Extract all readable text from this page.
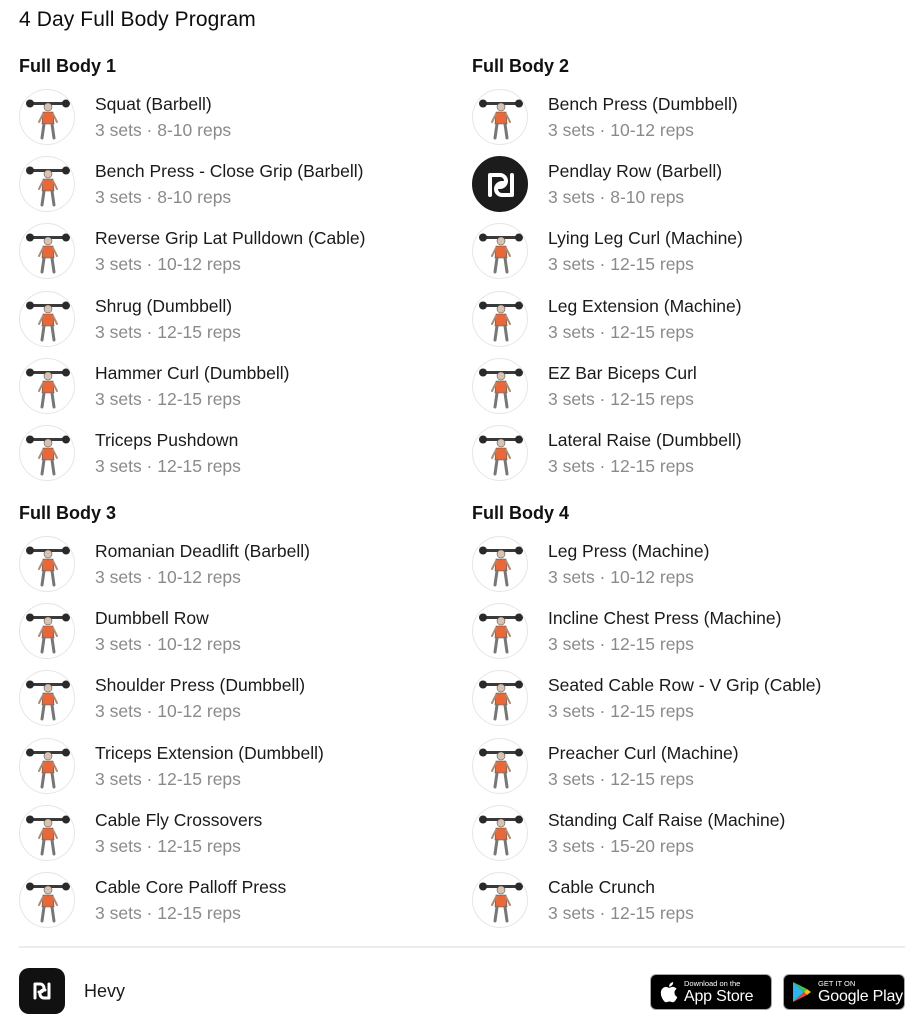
4 Day Full Body Program
Full Body 1
Squat (Barbell)
3 sets · 8-10 reps
Bench Press - Close Grip (Barbell)
3 sets · 8-10 reps
Reverse Grip Lat Pulldown (Cable)
3 sets · 10-12 reps
Shrug (Dumbbell)
3 sets · 12-15 reps
Hammer Curl (Dumbbell)
3 sets · 12-15 reps
Triceps Pushdown
3 sets · 12-15 reps
Full Body 2
Bench Press (Dumbbell)
3 sets · 10-12 reps
Pendlay Row (Barbell)
3 sets · 8-10 reps
Lying Leg Curl (Machine)
3 sets · 12-15 reps
Leg Extension (Machine)
3 sets · 12-15 reps
EZ Bar Biceps Curl
3 sets · 12-15 reps
Lateral Raise (Dumbbell)
3 sets · 12-15 reps
Full Body 3
Romanian Deadlift (Barbell)
3 sets · 10-12 reps
Dumbbell Row
3 sets · 10-12 reps
Shoulder Press (Dumbbell)
3 sets · 10-12 reps
Triceps Extension (Dumbbell)
3 sets · 12-15 reps
Cable Fly Crossovers
3 sets · 12-15 reps
Cable Core Palloff Press
3 sets · 12-15 reps
Full Body 4
Leg Press (Machine)
3 sets · 10-12 reps
Incline Chest Press (Machine)
3 sets · 12-15 reps
Seated Cable Row - V Grip (Cable)
3 sets · 12-15 reps
Preacher Curl (Machine)
3 sets · 12-15 reps
Standing Calf Raise (Machine)
3 sets · 15-20 reps
Cable Crunch
3 sets · 12-15 reps
Hevy	Download on the
App Store
GET IT ON
Google Play
